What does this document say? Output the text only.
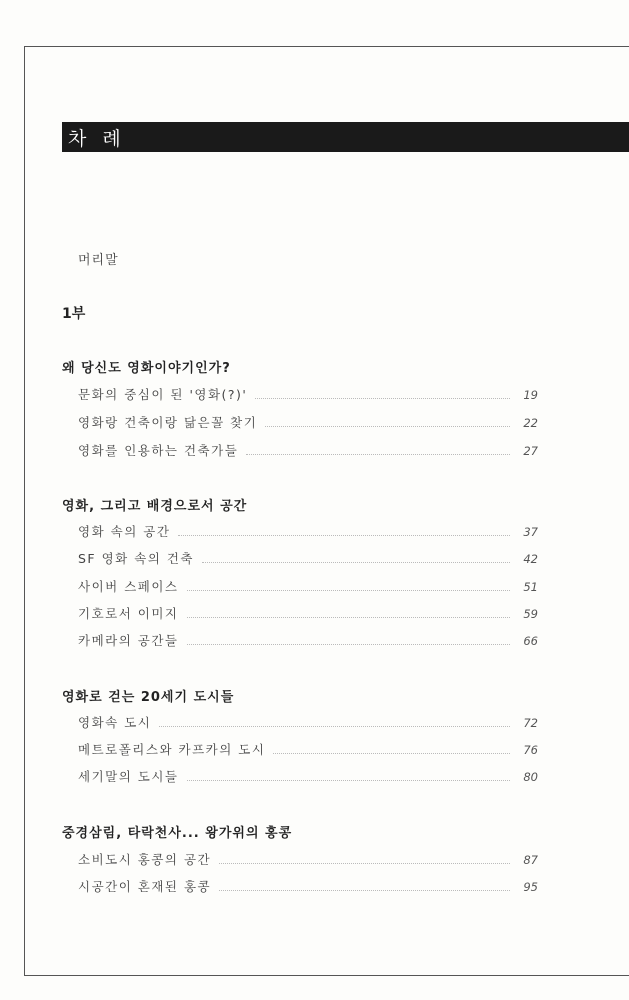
차 례
머리말
1부
왜 당신도 영화이야기인가?
문화의 중심이 된 '영화(?)'	19
영화랑 건축이랑 닮은꼴 찾기	22
영화를 인용하는 건축가들	27
영화, 그리고 배경으로서 공간
영화 속의 공간	37
SF 영화 속의 건축	42
사이버 스페이스	51
기호로서 이미지	59
카메라의 공간들	66
영화로 걷는 20세기 도시들
영화속 도시	72
메트로폴리스와 카프카의 도시	76
세기말의 도시들	80
중경삼림, 타락천사... 왕가위의 홍콩
소비도시 홍콩의 공간	87
시공간이 혼재된 홍콩	95
